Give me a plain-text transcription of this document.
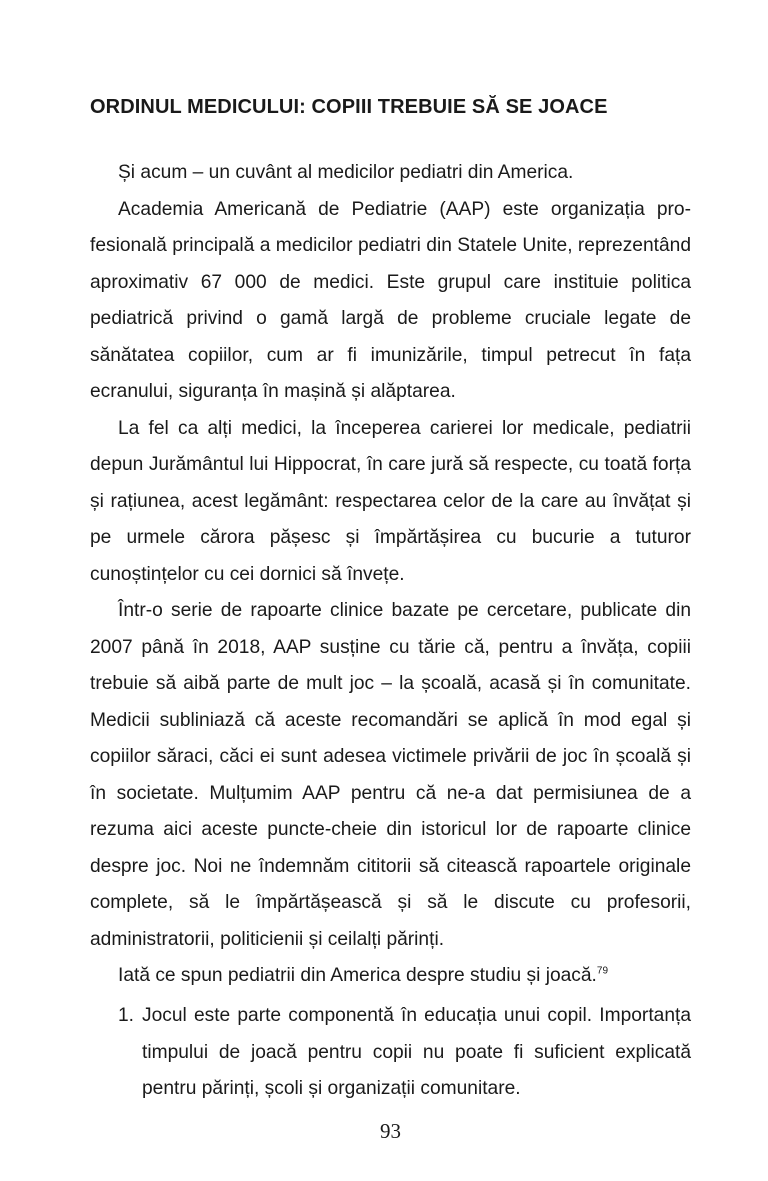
ORDINUL MEDICULUI: COPIII TREBUIE SĂ SE JOACE

Și acum – un cuvânt al medicilor pediatri din America.

Academia Americană de Pediatrie (AAP) este organizația profesională principală a medicilor pediatri din Statele Unite, reprezentând aproximativ 67 000 de medici. Este grupul care instituie politica pediatrică privind o gamă largă de probleme cruciale legate de sănătatea copiilor, cum ar fi imunizările, timpul petrecut în fața ecranului, siguranța în mașină și alăptarea.

La fel ca alți medici, la începerea carierei lor medicale, pediatrii depun Jurământul lui Hippocrat, în care jură să respecte, cu toată forța și rațiunea, acest legământ: respectarea celor de la care au învățat și pe urmele cărora pășesc și împărtășirea cu bucurie a tuturor cunoștințelor cu cei dornici să învețe.

Într-o serie de rapoarte clinice bazate pe cercetare, publicate din 2007 până în 2018, AAP susține cu tărie că, pentru a învăța, copiii trebuie să aibă parte de mult joc – la școală, acasă și în comunitate. Medicii subliniază că aceste recomandări se aplică în mod egal și copiilor săraci, căci ei sunt adesea victimele privării de joc în școală și în societate. Mulțumim AAP pentru că ne-a dat permisiunea de a rezuma aici aceste puncte-cheie din istoricul lor de rapoarte clinice despre joc. Noi ne îndemnăm cititorii să citească rapoartele originale complete, să le împărtășească și să le discute cu profesorii, administratorii, politicienii și ceilalți părinți.

Iată ce spun pediatrii din America despre studiu și joacă.$^{79}$

1. Jocul este parte componentă în educația unui copil. Importanța timpului de joacă pentru copii nu poate fi suficient explicată pentru părinți, școli și organizații comunitare.
93
